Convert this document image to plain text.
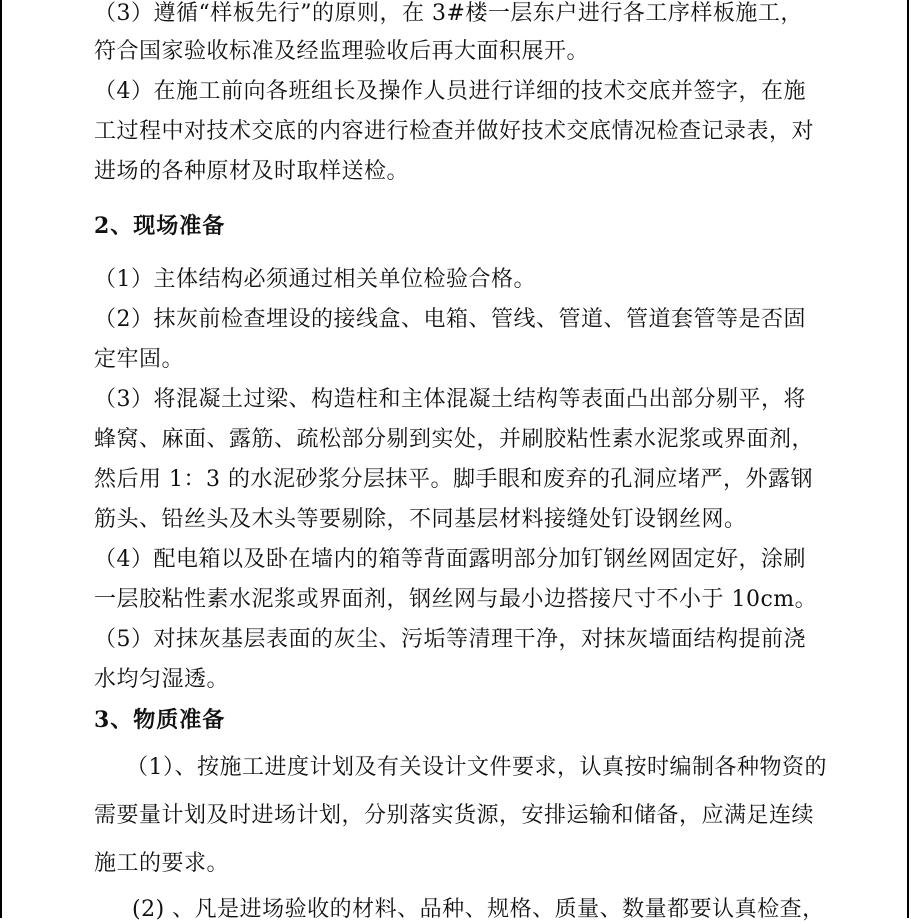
（3）遵循“样板先行”的原则，在 3#楼一层东户进行各工序样板施工，
符合国家验收标准及经监理验收后再大面积展开。
（4）在施工前向各班组长及操作人员进行详细的技术交底并签字，在施
工过程中对技术交底的内容进行检查并做好技术交底情况检查记录表，对
进场的各种原材及时取样送检。
2、现场准备
（1）主体结构必须通过相关单位检验合格。
（2）抹灰前检查埋设的接线盒、电箱、管线、管道、管道套管等是否固
定牢固。
（3）将混凝土过梁、构造柱和主体混凝土结构等表面凸出部分剔平，将
蜂窝、麻面、露筋、疏松部分剔到实处，并刷胶粘性素水泥浆或界面剂，
然后用 1：3 的水泥砂浆分层抹平。脚手眼和废弃的孔洞应堵严，外露钢
筋头、铅丝头及木头等要剔除，不同基层材料接缝处钉设钢丝网。
（4）配电箱以及卧在墙内的箱等背面露明部分加钉钢丝网固定好，涂刷
一层胶粘性素水泥浆或界面剂，钢丝网与最小边搭接尺寸不小于 10cm。
（5）对抹灰基层表面的灰尘、污垢等清理干净，对抹灰墙面结构提前浇
水均匀湿透。
3、物质准备
（1）、按施工进度计划及有关设计文件要求，认真按时编制各种物资的
需要量计划及时进场计划，分别落实货源，安排运输和储备，应满足连续
施工的要求。
(2) 、凡是进场验收的材料、品种、规格、质量、数量都要认真检查，
